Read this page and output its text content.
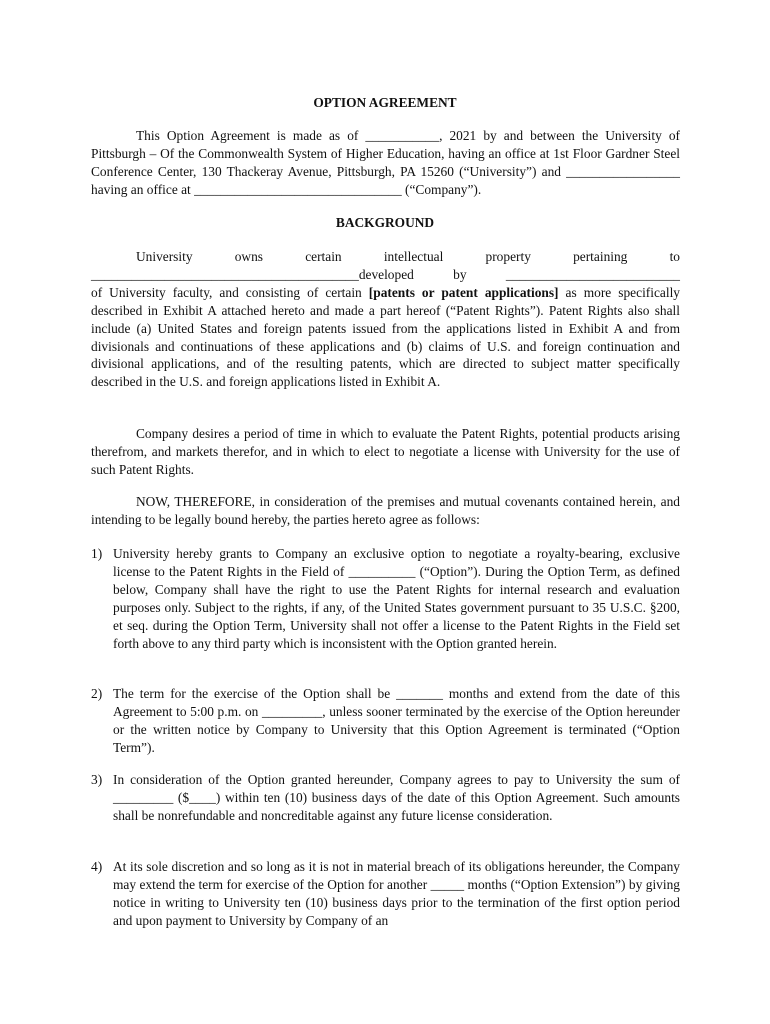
OPTION AGREEMENT
This Option Agreement is made as of ___________, 2021 by and between the University of Pittsburgh – Of the Commonwealth System of Higher Education, having an office at 1st Floor Gardner Steel Conference Center, 130 Thackeray Avenue, Pittsburgh, PA 15260 (“University”) and _________________ having an office at _______________________________ (“Company”).
BACKGROUND
University owns certain intellectual property pertaining to
________________________________________developed by __________________________
of University faculty, and consisting of certain [patents or patent applications] as more specifically described in Exhibit A attached hereto and made a part hereof (“Patent Rights”). Patent Rights also shall include (a) United States and foreign patents issued from the applications listed in Exhibit A and from divisionals and continuations of these applications and (b) claims of U.S. and foreign continuation and divisional applications, and of the resulting patents, which are directed to subject matter specifically described in the U.S. and foreign applications listed in Exhibit A.
Company desires a period of time in which to evaluate the Patent Rights, potential products arising therefrom, and markets therefor, and in which to elect to negotiate a license with University for the use of such Patent Rights.
NOW, THEREFORE, in consideration of the premises and mutual covenants contained herein, and intending to be legally bound hereby, the parties hereto agree as follows:
1) University hereby grants to Company an exclusive option to negotiate a royalty-bearing, exclusive license to the Patent Rights in the Field of __________ (“Option”). During the Option Term, as defined below, Company shall have the right to use the Patent Rights for internal research and evaluation purposes only. Subject to the rights, if any, of the United States government pursuant to 35 U.S.C. §200, et seq. during the Option Term, University shall not offer a license to the Patent Rights in the Field set forth above to any third party which is inconsistent with the Option granted herein.
2) The term for the exercise of the Option shall be _______ months and extend from the date of this Agreement to 5:00 p.m. on _________, unless sooner terminated by the exercise of the Option hereunder or the written notice by Company to University that this Option Agreement is terminated (“Option Term”).
3) In consideration of the Option granted hereunder, Company agrees to pay to University the sum of _________ ($____) within ten (10) business days of the date of this Option Agreement. Such amounts shall be nonrefundable and noncreditable against any future license consideration.
4) At its sole discretion and so long as it is not in material breach of its obligations hereunder, the Company may extend the term for exercise of the Option for another _____ months (“Option Extension”) by giving notice in writing to University ten (10) business days prior to the termination of the first option period and upon payment to University by Company of an
